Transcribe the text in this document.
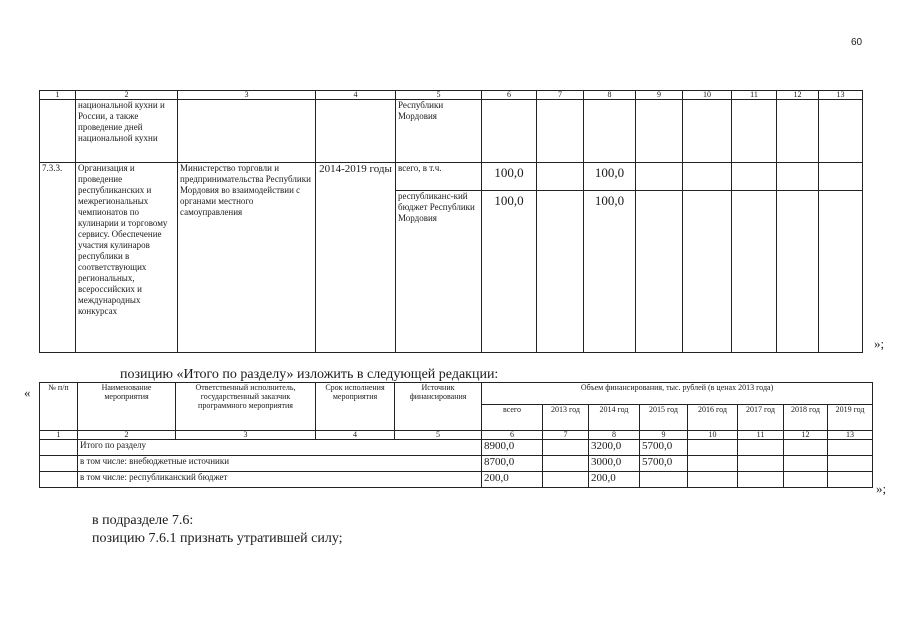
60
1	2	3	4	5	6	7	8	9	10	11	12	13
	национальной кухни и России, а также проведение дней национальной кухни			Республики Мордовия								
7.3.3.	Организация и проведение республиканских и межрегиональных чемпионатов по кулинарии и торговому сервису. Обеспечение участия кулинаров республики в соответствующих региональных, всероссийских и международных конкурсах	Министерство торговли и предпринимательства Республики Мордовия во взаимодействии с органами местного самоуправления	2014-2019 годы	всего, в т.ч.	100,0		100,0					
				республиканс-кий бюджет Республики Мордовия	100,0		100,0					
»;
позицию «Итого по разделу» изложить в следующей редакции:
« № п/п	Наименование мероприятия	Ответственный исполнитель, государственный заказчик программного мероприятия	Срок исполнения мероприятия	Источник финансирования	Объем финансирования, тыс. рублей (в ценах 2013 года)							
					всего	2013 год	2014 год	2015 год	2016 год	2017 год	2018 год	2019 год
1	2	3	4	5	6	7	8	9	10	11	12	13
	Итого по разделу				8900,0		3200,0	5700,0				
	в том числе: внебюджетные источники				8700,0		3000,0	5700,0				
	в том числе: республиканский бюджет				200,0		200,0					
»;
в подразделе 7.6:
позицию 7.6.1 признать утратившей силу;
